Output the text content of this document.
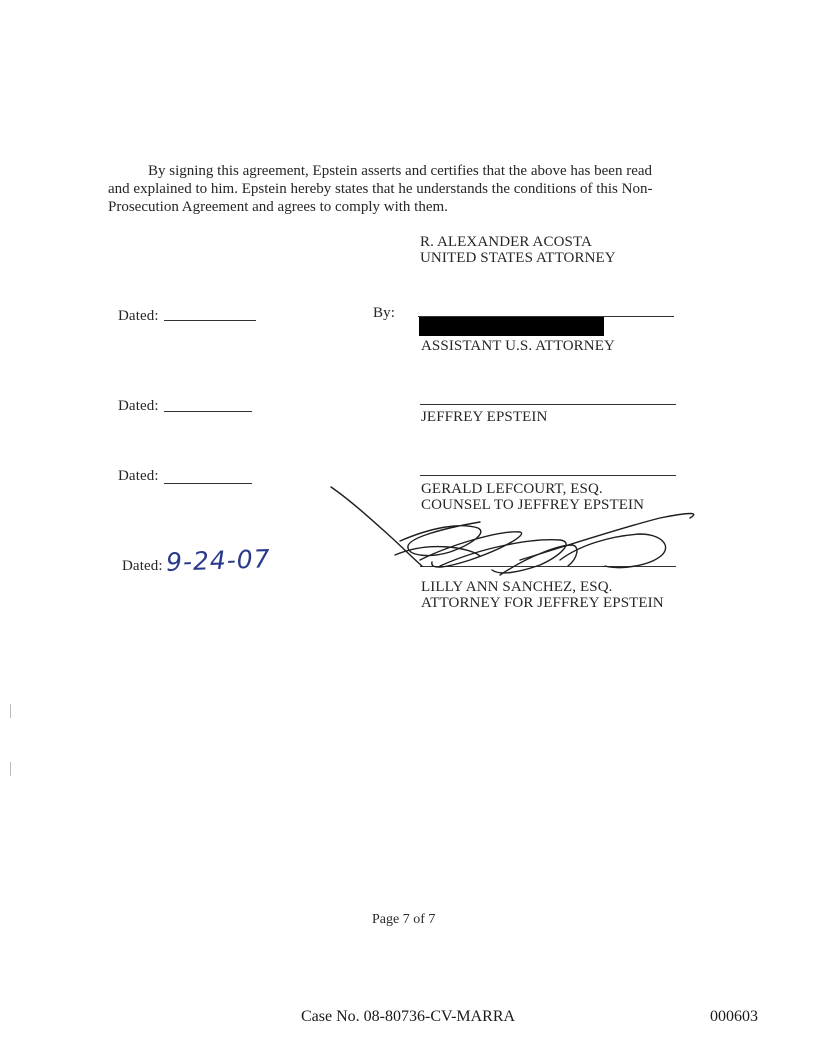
By signing this agreement, Epstein asserts and certifies that the above has been read
and explained to him. Epstein hereby states that he understands the conditions of this Non-
Prosecution Agreement and agrees to comply with them.
R. ALEXANDER ACOSTA
UNITED STATES ATTORNEY
Dated:	By:
ASSISTANT U.S. ATTORNEY
Dated:
JEFFREY EPSTEIN
Dated:
GERALD LEFCOURT, ESQ.
COUNSEL TO JEFFREY EPSTEIN
Dated: 9-24-07
LILLY ANN SANCHEZ, ESQ.
ATTORNEY FOR JEFFREY EPSTEIN
Page 7 of 7
Case No. 08-80736-CV-MARRA	000603
